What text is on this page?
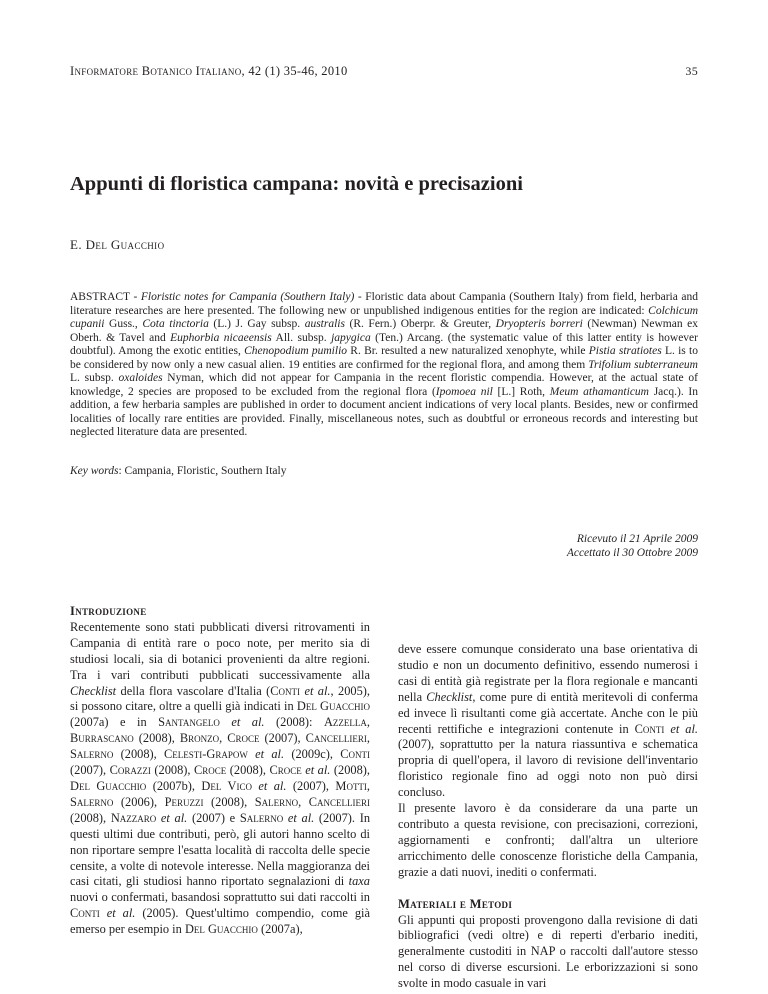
Informatore Botanico Italiano, 42 (1) 35-46, 2010	35
Appunti di floristica campana: novità e precisazioni
E. Del Guacchio

ABSTRACT - Floristic notes for Campania (Southern Italy) - Floristic data about Campania (Southern Italy) from field, herbaria and literature researches are here presented. The following new or unpublished indigenous entities for the region are indicated: Colchicum cupanii Guss., Cota tinctoria (L.) J. Gay subsp. australis (R. Fern.) Oberpr. & Greuter, Dryopteris borreri (Newman) Newman ex Oberh. & Tavel and Euphorbia nicaeensis All. subsp. japygica (Ten.) Arcang. (the systematic value of this latter entity is however doubtful). Among the exotic entities, Chenopodium pumilio R. Br. resulted a new naturalized xenophyte, while Pistia stratiotes L. is to be considered by now only a new casual alien. 19 entities are confirmed for the regional flora, and among them Trifolium subterraneum L. subsp. oxaloides Nyman, which did not appear for Campania in the recent floristic compendia. However, at the actual state of knowledge, 2 species are proposed to be excluded from the regional flora (Ipomoea nil [L.] Roth, Meum athamanticum Jacq.). In addition, a few herbaria samples are published in order to document ancient indications of very local plants. Besides, new or confirmed localities of locally rare entities are provided. Finally, miscellaneous notes, such as doubtful or erroneous records and interesting but neglected literature data are presented.

Key words: Campania, Floristic, Southern Italy
Ricevuto il 21 Aprile 2009
Accettato il 30 Ottobre 2009
Introduzione

Recentemente sono stati pubblicati diversi ritrovamenti in Campania di entità rare o poco note, per merito sia di studiosi locali, sia di botanici provenienti da altre regioni. Tra i vari contributi pubblicati successivamente alla Checklist della flora vascolare d'Italia (Conti et al., 2005), si possono citare, oltre a quelli già indicati in Del Guacchio (2007a) e in Santangelo et al. (2008): Azzella, Burrascano (2008), Bronzo, Croce (2007), Cancellieri, Salerno (2008), Celesti-Grapow et al. (2009c), Conti (2007), Corazzi (2008), Croce (2008), Croce et al. (2008), Del Guacchio (2007b), Del Vico et al. (2007), Motti, Salerno (2006), Peruzzi (2008), Salerno, Cancellieri (2008), Nazzaro et al. (2007) e Salerno et al. (2007). In questi ultimi due contributi, però, gli autori hanno scelto di non riportare sempre l'esatta località di raccolta delle specie censite, a volte di notevole interesse. Nella maggioranza dei casi citati, gli studiosi hanno riportato segnalazioni di taxa nuovi o confermati, basandosi soprattutto sui dati raccolti in Conti et al. (2005). Quest'ultimo compendio, come già emerso per esempio in Del Guacchio (2007a),

deve essere comunque considerato una base orientativa di studio e non un documento definitivo, essendo numerosi i casi di entità già registrate per la flora regionale e mancanti nella Checklist, come pure di entità meritevoli di conferma ed invece lì risultanti come già accertate. Anche con le più recenti rettifiche e integrazioni contenute in Conti et al. (2007), soprattutto per la natura riassuntiva e schematica propria di quell'opera, il lavoro di revisione dell'inventario floristico regionale fino ad oggi noto non può dirsi concluso.

Il presente lavoro è da considerare da una parte un contributo a questa revisione, con precisazioni, correzioni, aggiornamenti e confronti; dall'altra un ulteriore arricchimento delle conoscenze floristiche della Campania, grazie a dati nuovi, inediti o confermati.

Materiali e Metodi

Gli appunti qui proposti provengono dalla revisione di dati bibliografici (vedi oltre) e di reperti d'erbario inediti, generalmente custoditi in NAP o raccolti dall'autore stesso nel corso di diverse escursioni. Le erborizzazioni si sono svolte in modo casuale in vari
